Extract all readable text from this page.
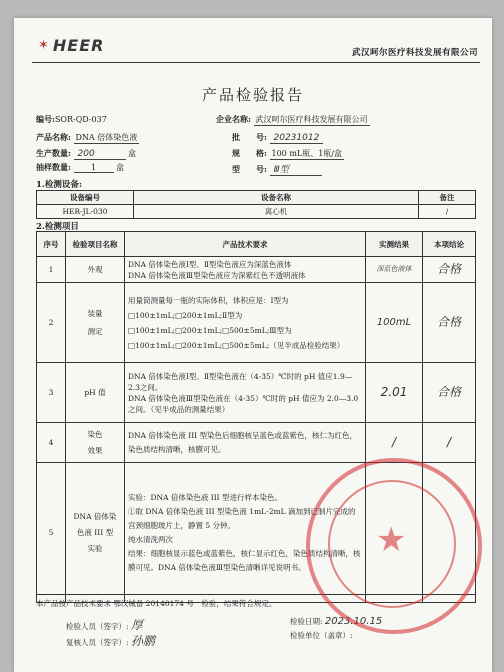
✶ HEER	武汉呵尔医疗科技发展有限公司
产品检验报告
编号:SOR-QD-037	企业名称: 武汉呵尔医疗科技发展有限公司
产品名称: DNA 倍体染色液	批　　号: 20231012
生产数量: 200	盒	规　　格: 100 mL瓶、1瓶/盒
抽样数量:	1	盒	型　　号: Ⅲ型
1.检测设备:
设备编号	设备名称	备注
HER-JL-030	离心机	/
2.检测项目
序号	检验项目名称	产品技术要求	实测结果	本项结论
1	外观	DNA 倍体染色液Ⅰ型、Ⅱ型染色液应为深蓝色液体
DNA 倍体染色液Ⅲ型染色液应为深紫红色不透明液体	深蓝色液体	合格
2	装量
测定	用量筒测量每一瓶的实际体积，体积应是：Ⅰ型为□100±1mL;□200±1mL;Ⅱ型为□100±1mL;□200±1mL;□500±5mL;Ⅲ型为□100±1mL;□200±1mL;□500±5mL;（见半成品检验结果）	100mL	合格
3	pH 值	DNA 倍体染色液Ⅰ型、Ⅱ型染色液在（4-35）℃时的 pH 值应1.9—2.3之间。
DNA 倍体染色液Ⅲ型染色液在（4-35）℃时的 pH 值应为 2.0—3.0之间。（见半成品的测量结果）	2.01	合格
4	染色
效果	DNA 倍体染色液 III 型染色后细胞核呈蓝色或蓝紫色，核仁为红色，染色质结构清晰，核膜可见。	/	/
5	DNA 倍体染
色液 III 型
实验	实验：DNA 倍体染色液 III 型进行样本染色。
①取 DNA 倍体染色液 III 型染色液 1mL-2mL 滴加到已制片完成的宫颈细胞玻片上，静置 5 分钟。
纯水清洗两次
结果：细胞核显示蓝色或蓝紫色，核仁显示红色，染色质结构清晰，核膜可见。DNA 倍体染色液Ⅲ型染色清晰详见说明书。		
本产品按产品技术要求 鄂汉械备 20140174 号　检验，结果符合规定。
检验人员（签字）: 厚
复核人员（签字）: 孙鹏
检验日期: 2023.10.15
检验单位（盖章）:
★
